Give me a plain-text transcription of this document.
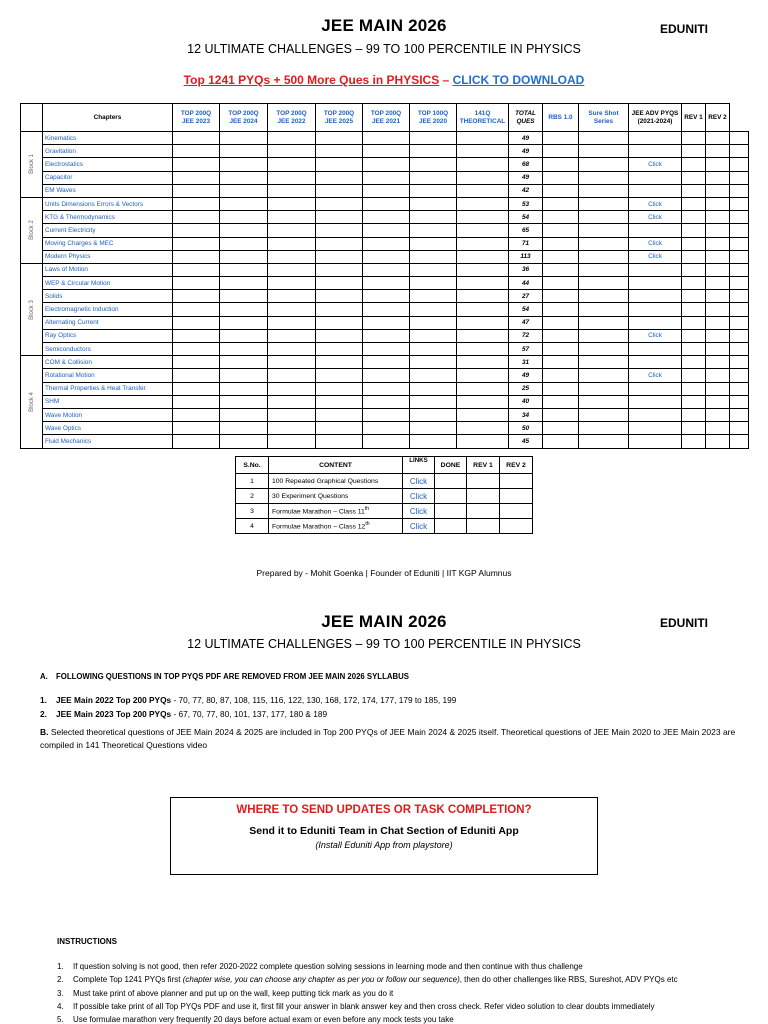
JEE MAIN 2026	EDUNITI
12 ULTIMATE CHALLENGES – 99 TO 100 PERCENTILE IN PHYSICS
Top 1241 PYQs + 500 More Ques in PHYSICS – CLICK TO DOWNLOAD
	Chapters	TOP 200Q JEE 2023	TOP 200Q JEE 2024	TOP 200Q JEE 2022	TOP 200Q JEE 2025	TOP 200Q JEE 2021	TOP 100Q JEE 2020	141Q THEORETICAL	TOTAL QUES	RBS 1.0	Sure Shot Series	JEE ADV PYQS (2021-2024)	REV 1	REV 2	

Block 1	Kinematics								49						
	Gravitation								49						
	Electrostatics								68			Click			
	Capacitor								49						
	EM Waves								42						

Block 2	Units Dimensions Errors & Vectors								53			Click			
	KTG & Thermodynamics								54			Click			
	Current Electricity								65						
	Moving Charges & MEC								71			Click			
	Modern Physics								113			Click			

Block 3	Laws of Motion								36						
	WEP & Circular Motion								44						
	Solids								27						
	Electromagnetic Induction								54						
	Alternating Current								47						
	Ray Optics								72			Click			
	Semiconductors								57						

Block 4	COM & Collision								31						
	Rotational Motion								49			Click			
	Thermal Properties & Heat Transfer								25						
	SHM								40						
	Wave Motion								34						
	Wave Optics								50						
	Fluid Mechanics								45						
S.No.	CONTENT	LINKS	DONE	REV 1	REV 2
1	100 Repeated Graphical Questions	Click			
2	30 Experiment Questions	Click			
3	Formulae Marathon – Class 11th	Click			
4	Formulae Marathon – Class 12th	Click			
Prepared by - Mohit Goenka | Founder of Eduniti | IIT KGP Alumnus
JEE MAIN 2026	EDUNITI
12 ULTIMATE CHALLENGES – 99 TO 100 PERCENTILE IN PHYSICS
A. FOLLOWING QUESTIONS IN TOP PYQS PDF ARE REMOVED FROM JEE MAIN 2026 SYLLABUS
1. JEE Main 2022 Top 200 PYQs - 70, 77, 80, 87, 108, 115, 116, 122, 130, 168, 172, 174, 177, 179 to 185, 199
2. JEE Main 2023 Top 200 PYQs - 67, 70, 77, 80, 101, 137, 177, 180 & 189
B. Selected theoretical questions of JEE Main 2024 & 2025 are included in Top 200 PYQs of JEE Main 2024 & 2025 itself. Theoretical questions of JEE Main 2020 to JEE Main 2023 are compiled in 141 Theoretical Questions video
WHERE TO SEND UPDATES OR TASK COMPLETION?
Send it to Eduniti Team in Chat Section of Eduniti App
(Install Eduniti App from playstore)
INSTRUCTIONS
1. If question solving is not good, then refer 2020-2022 complete question solving sessions in learning mode and then continue with thus challenge
2. Complete Top 1241 PYQs first (chapter wise, you can choose any chapter as per you or follow our sequence), then do other challenges like RBS, Sureshot, ADV PYQs etc
3. Must take print of above planner and put up on the wall, keep putting tick mark as you do it
4. If possible take print of all Top PYQs PDF and use it, first fill your answer in blank answer key and then cross check. Refer video solution to clear doubts immediately
5. Use formulae marathon very frequently 20 days before actual exam or even before any mock tests you take
